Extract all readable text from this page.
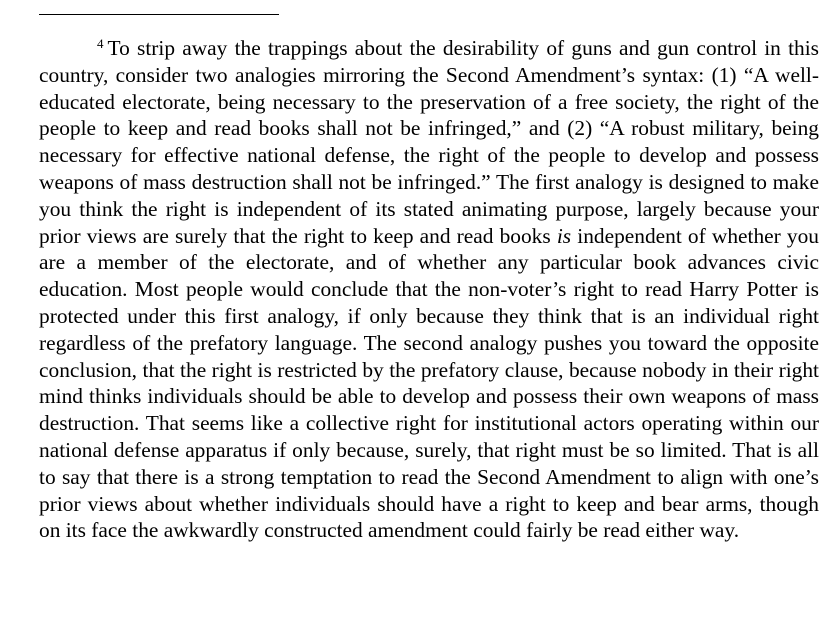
$^4$ To strip away the trappings about the desirability of guns and gun control in this country, consider two analogies mirroring the Second Amendment’s syntax: (1) “A well-educated electorate, being necessary to the preservation of a free society, the right of the people to keep and read books shall not be infringed,” and (2) “A robust military, being necessary for effective national defense, the right of the people to develop and possess weapons of mass destruction shall not be infringed.” The first analogy is designed to make you think the right is independent of its stated animating purpose, largely because your prior views are surely that the right to keep and read books is independent of whether you are a member of the electorate, and of whether any particular book advances civic education. Most people would conclude that the non-voter’s right to read Harry Potter is protected under this first analogy, if only because they think that is an individual right regardless of the prefatory language. The second analogy pushes you toward the opposite conclusion, that the right is restricted by the prefatory clause, because nobody in their right mind thinks individuals should be able to develop and possess their own weapons of mass destruction. That seems like a collective right for institutional actors operating within our national defense apparatus if only because, surely, that right must be so limited. That is all to say that there is a strong temptation to read the Second Amendment to align with one’s prior views about whether individuals should have a right to keep and bear arms, though on its face the awkwardly constructed amendment could fairly be read either way.
